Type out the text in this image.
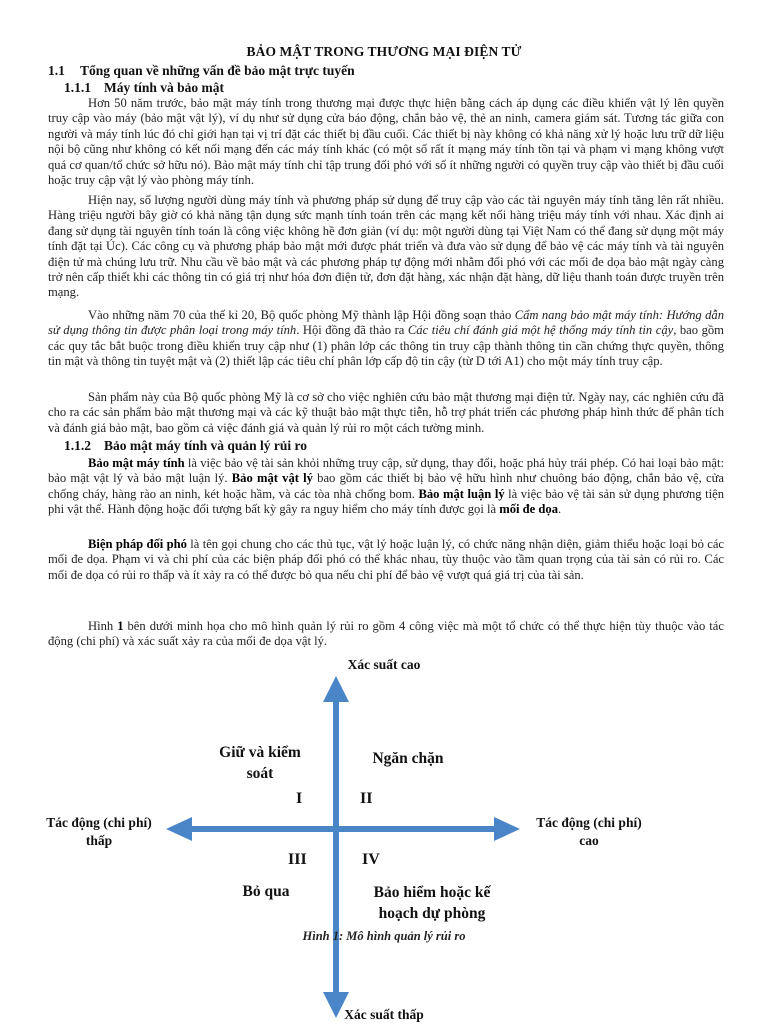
BẢO MẬT TRONG THƯƠNG MẠI ĐIỆN TỬ
1.1 Tổng quan về những vấn đề bảo mật trực tuyến
1.1.1 Máy tính và bảo mật
Hơn 50 năm trước, bảo mật máy tính trong thương mại được thực hiện bằng cách áp dụng các điều khiển vật lý lên quyền truy cập vào máy (bảo mật vật lý), ví dụ như sử dụng cửa báo động, chắn bảo vệ, thẻ an ninh, camera giám sát. Tương tác giữa con người và máy tính lúc đó chỉ giới hạn tại vị trí đặt các thiết bị đầu cuối. Các thiết bị này không có khả năng xử lý hoặc lưu trữ dữ liệu nội bộ cũng như không có kết nối mạng đến các máy tính khác (có một số rất ít mạng máy tính tồn tại và phạm vi mạng không vượt quá cơ quan/tổ chức sở hữu nó). Bảo mật máy tính chỉ tập trung đối phó với số ít những người có quyền truy cập vào thiết bị đầu cuối hoặc truy cập vật lý vào phòng máy tính.
Hiện nay, số lượng người dùng máy tính và phương pháp sử dụng để truy cập vào các tài nguyên máy tính tăng lên rất nhiều. Hàng triệu người bây giờ có khả năng tận dụng sức mạnh tính toán trên các mạng kết nối hàng triệu máy tính với nhau. Xác định ai đang sử dụng tài nguyên tính toán là công việc không hề đơn giản (ví dụ: một người dùng tại Việt Nam có thể đang sử dụng một máy tính đặt tại Úc). Các công cụ và phương pháp bảo mật mới được phát triển và đưa vào sử dụng để bảo vệ các máy tính và tài nguyên điện tử mà chúng lưu trữ. Nhu cầu về bảo mật và các phương pháp tự động mới nhằm đối phó với các mối đe dọa bảo mật ngày càng trở nên cấp thiết khi các thông tin có giá trị như hóa đơn điện tử, đơn đặt hàng, xác nhận đặt hàng, dữ liệu thanh toán được truyền trên mạng.
Vào những năm 70 của thế kỉ 20, Bộ quốc phòng Mỹ thành lập Hội đồng soạn thảo Cẩm nang bảo mật máy tính: Hướng dẫn sử dụng thông tin được phân loại trong máy tính. Hội đồng đã thảo ra Các tiêu chí đánh giá một hệ thống máy tính tin cậy, bao gồm các quy tắc bắt buộc trong điều khiển truy cập như (1) phân lớp các thông tin truy cập thành thông tin cần chứng thực quyền, thông tin mật và thông tin tuyệt mật và (2) thiết lập các tiêu chí phân lớp cấp độ tin cậy (từ D tới A1) cho một máy tính truy cập.
Sản phẩm này của Bộ quốc phòng Mỹ là cơ sở cho việc nghiên cứu bảo mật thương mại điện tử. Ngày nay, các nghiên cứu đã cho ra các sản phẩm bảo mật thương mại và các kỹ thuật bảo mật thực tiễn, hỗ trợ phát triển các phương pháp hình thức để phân tích và đánh giá bảo mật, bao gồm cả việc đánh giá và quản lý rủi ro một cách tường minh.
1.1.2 Bảo mật máy tính và quản lý rủi ro
Bảo mật máy tính là việc bảo vệ tài sản khỏi những truy cập, sử dụng, thay đổi, hoặc phá hủy trái phép. Có hai loại bảo mật: bảo mật vật lý và bảo mật luận lý. Bảo mật vật lý bao gồm các thiết bị bảo vệ hữu hình như chuông báo động, chắn bảo vệ, cửa chống cháy, hàng rào an ninh, két hoặc hầm, và các tòa nhà chống bom. Bảo mật luận lý là việc bảo vệ tài sản sử dụng phương tiện phi vật thể. Hành động hoặc đối tượng bất kỳ gây ra nguy hiểm cho máy tính được gọi là mối đe dọa.
Biện pháp đối phó là tên gọi chung cho các thủ tục, vật lý hoặc luận lý, có chức năng nhận diện, giảm thiểu hoặc loại bỏ các mối đe dọa. Phạm vi và chi phí của các biện pháp đối phó có thể khác nhau, tùy thuộc vào tầm quan trọng của tài sản có rủi ro. Các mối đe dọa có rủi ro thấp và ít xảy ra có thể được bỏ qua nếu chi phí để bảo vệ vượt quá giá trị của tài sản.
Hình 1 bên dưới minh họa cho mô hình quản lý rủi ro gồm 4 công việc mà một tổ chức có thể thực hiện tùy thuộc vào tác động (chi phí) và xác suất xảy ra của mối đe dọa vật lý.
Xác suất cao
Tác động (chi phí)
thấp
Tác động (chi phí)
cao
Xác suất thấp
Giữ và kiểm
soát
Ngăn chặn
Bỏ qua	Bảo hiểm hoặc kế
hoạch dự phòng
I	II
III	IV
Hình 1: Mô hình quản lý rủi ro
